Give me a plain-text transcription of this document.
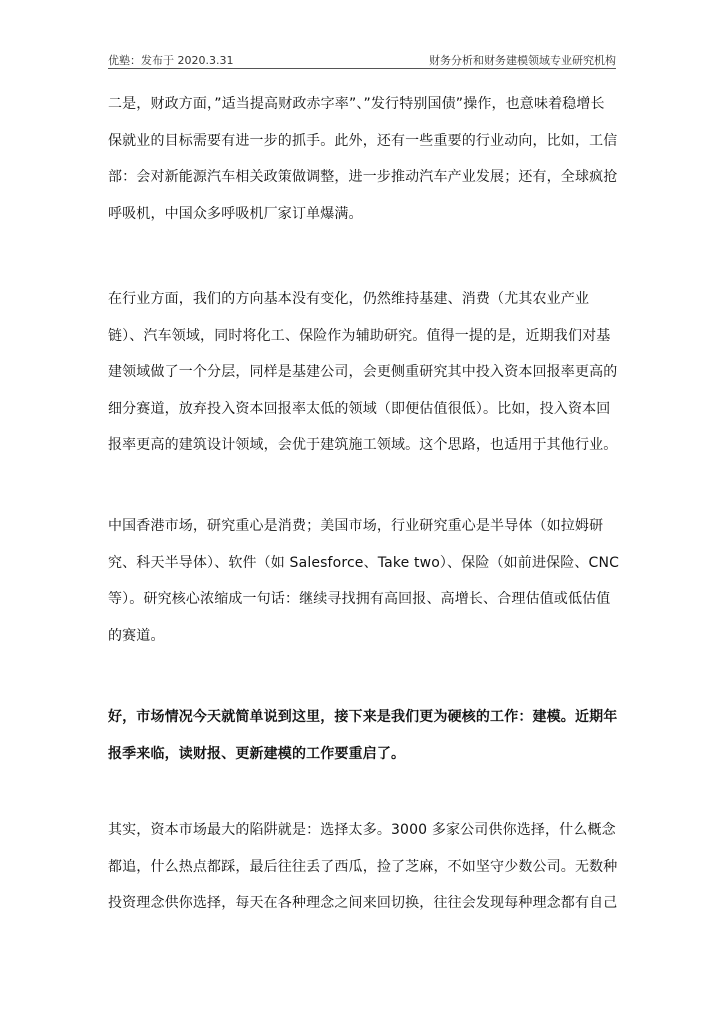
优塾：发布于 2020.3.31	财务分析和财务建模领域专业研究机构
二是，财政方面，”适当提高财政赤字率”、”发行特别国债”操作，也意味着稳增长
保就业的目标需要有进一步的抓手。此外，还有一些重要的行业动向，比如，工信
部：会对新能源汽车相关政策做调整，进一步推动汽车产业发展；还有，全球疯抢
呼吸机，中国众多呼吸机厂家订单爆满。
在行业方面，我们的方向基本没有变化，仍然维持基建、消费（尤其农业产业
链）、汽车领域，同时将化工、保险作为辅助研究。值得一提的是，近期我们对基
建领域做了一个分层，同样是基建公司，会更侧重研究其中投入资本回报率更高的
细分赛道，放弃投入资本回报率太低的领域（即便估值很低）。比如，投入资本回
报率更高的建筑设计领域，会优于建筑施工领域。这个思路，也适用于其他行业。
中国香港市场，研究重心是消费；美国市场，行业研究重心是半导体（如拉姆研
究、科天半导体）、软件（如 Salesforce、Take two）、保险（如前进保险、CNC
等）。研究核心浓缩成一句话：继续寻找拥有高回报、高增长、合理估值或低估值
的赛道。
好，市场情况今天就简单说到这里，接下来是我们更为硬核的工作：建模。近期年
报季来临，读财报、更新建模的工作要重启了。
其实，资本市场最大的陷阱就是：选择太多。3000 多家公司供你选择，什么概念
都追，什么热点都踩，最后往往丢了西瓜，捡了芝麻，不如坚守少数公司。无数种
投资理念供你选择，每天在各种理念之间来回切换，往往会发现每种理念都有自己
